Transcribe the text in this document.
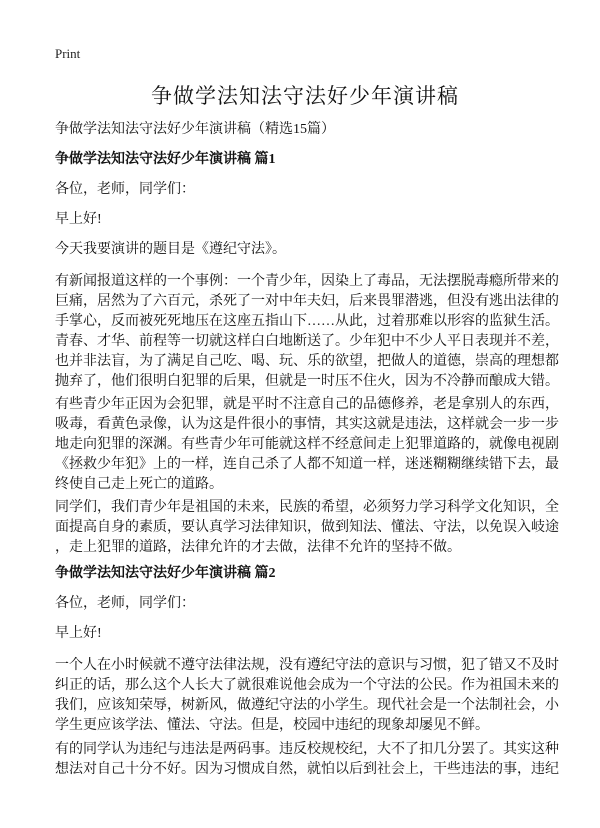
Print
争做学法知法守法好少年演讲稿
争做学法知法守法好少年演讲稿（精选15篇）
争做学法知法守法好少年演讲稿 篇1
各位，老师，同学们：
早上好!
今天我要演讲的题目是《遵纪守法》。
有新闻报道这样的一个事例：一个青少年，因染上了毒品，无法摆脱毒瘾所带来的
巨痛，居然为了六百元，杀死了一对中年夫妇，后来畏罪潜逃，但没有逃出法律的
手掌心，反而被死死地压在这座五指山下……从此，过着那难以形容的监狱生活。
青春、才华、前程等一切就这样白白地断送了。少年犯中不少人平日表现并不差，
也并非法盲，为了满足自己吃、喝、玩、乐的欲望，把做人的道德，崇高的理想都
抛弃了，他们很明白犯罪的后果，但就是一时压不住火，因为不冷静而酿成大错。
有些青少年正因为会犯罪，就是平时不注意自己的品德修养，老是拿别人的东西，
吸毒，看黄色录像，认为这是件很小的事情，其实这就是违法，这样就会一步一步
地走向犯罪的深渊。有些青少年可能就这样不经意间走上犯罪道路的，就像电视剧
《拯救少年犯》上的一样，连自己杀了人都不知道一样，迷迷糊糊继续错下去，最
终使自己走上死亡的道路。
同学们，我们青少年是祖国的未来，民族的希望，必须努力学习科学文化知识，全
面提高自身的素质，要认真学习法律知识，做到知法、懂法、守法，以免误入岐途
，走上犯罪的道路，法律允许的才去做，法律不允许的坚持不做。
争做学法知法守法好少年演讲稿 篇2
各位，老师，同学们：
早上好!
一个人在小时候就不遵守法律法规，没有遵纪守法的意识与习惯，犯了错又不及时
纠正的话，那么这个人长大了就很难说他会成为一个守法的公民。作为祖国未来的
我们，应该知荣辱，树新风，做遵纪守法的小学生。现代社会是一个法制社会，小
学生更应该学法、懂法、守法。但是，校园中违纪的现象却屡见不鲜。
有的同学认为违纪与违法是两码事。违反校规校纪，大不了扣几分罢了。其实这种
想法对自己十分不好。因为习惯成自然，就怕以后到社会上，干些违法的事，违纪
